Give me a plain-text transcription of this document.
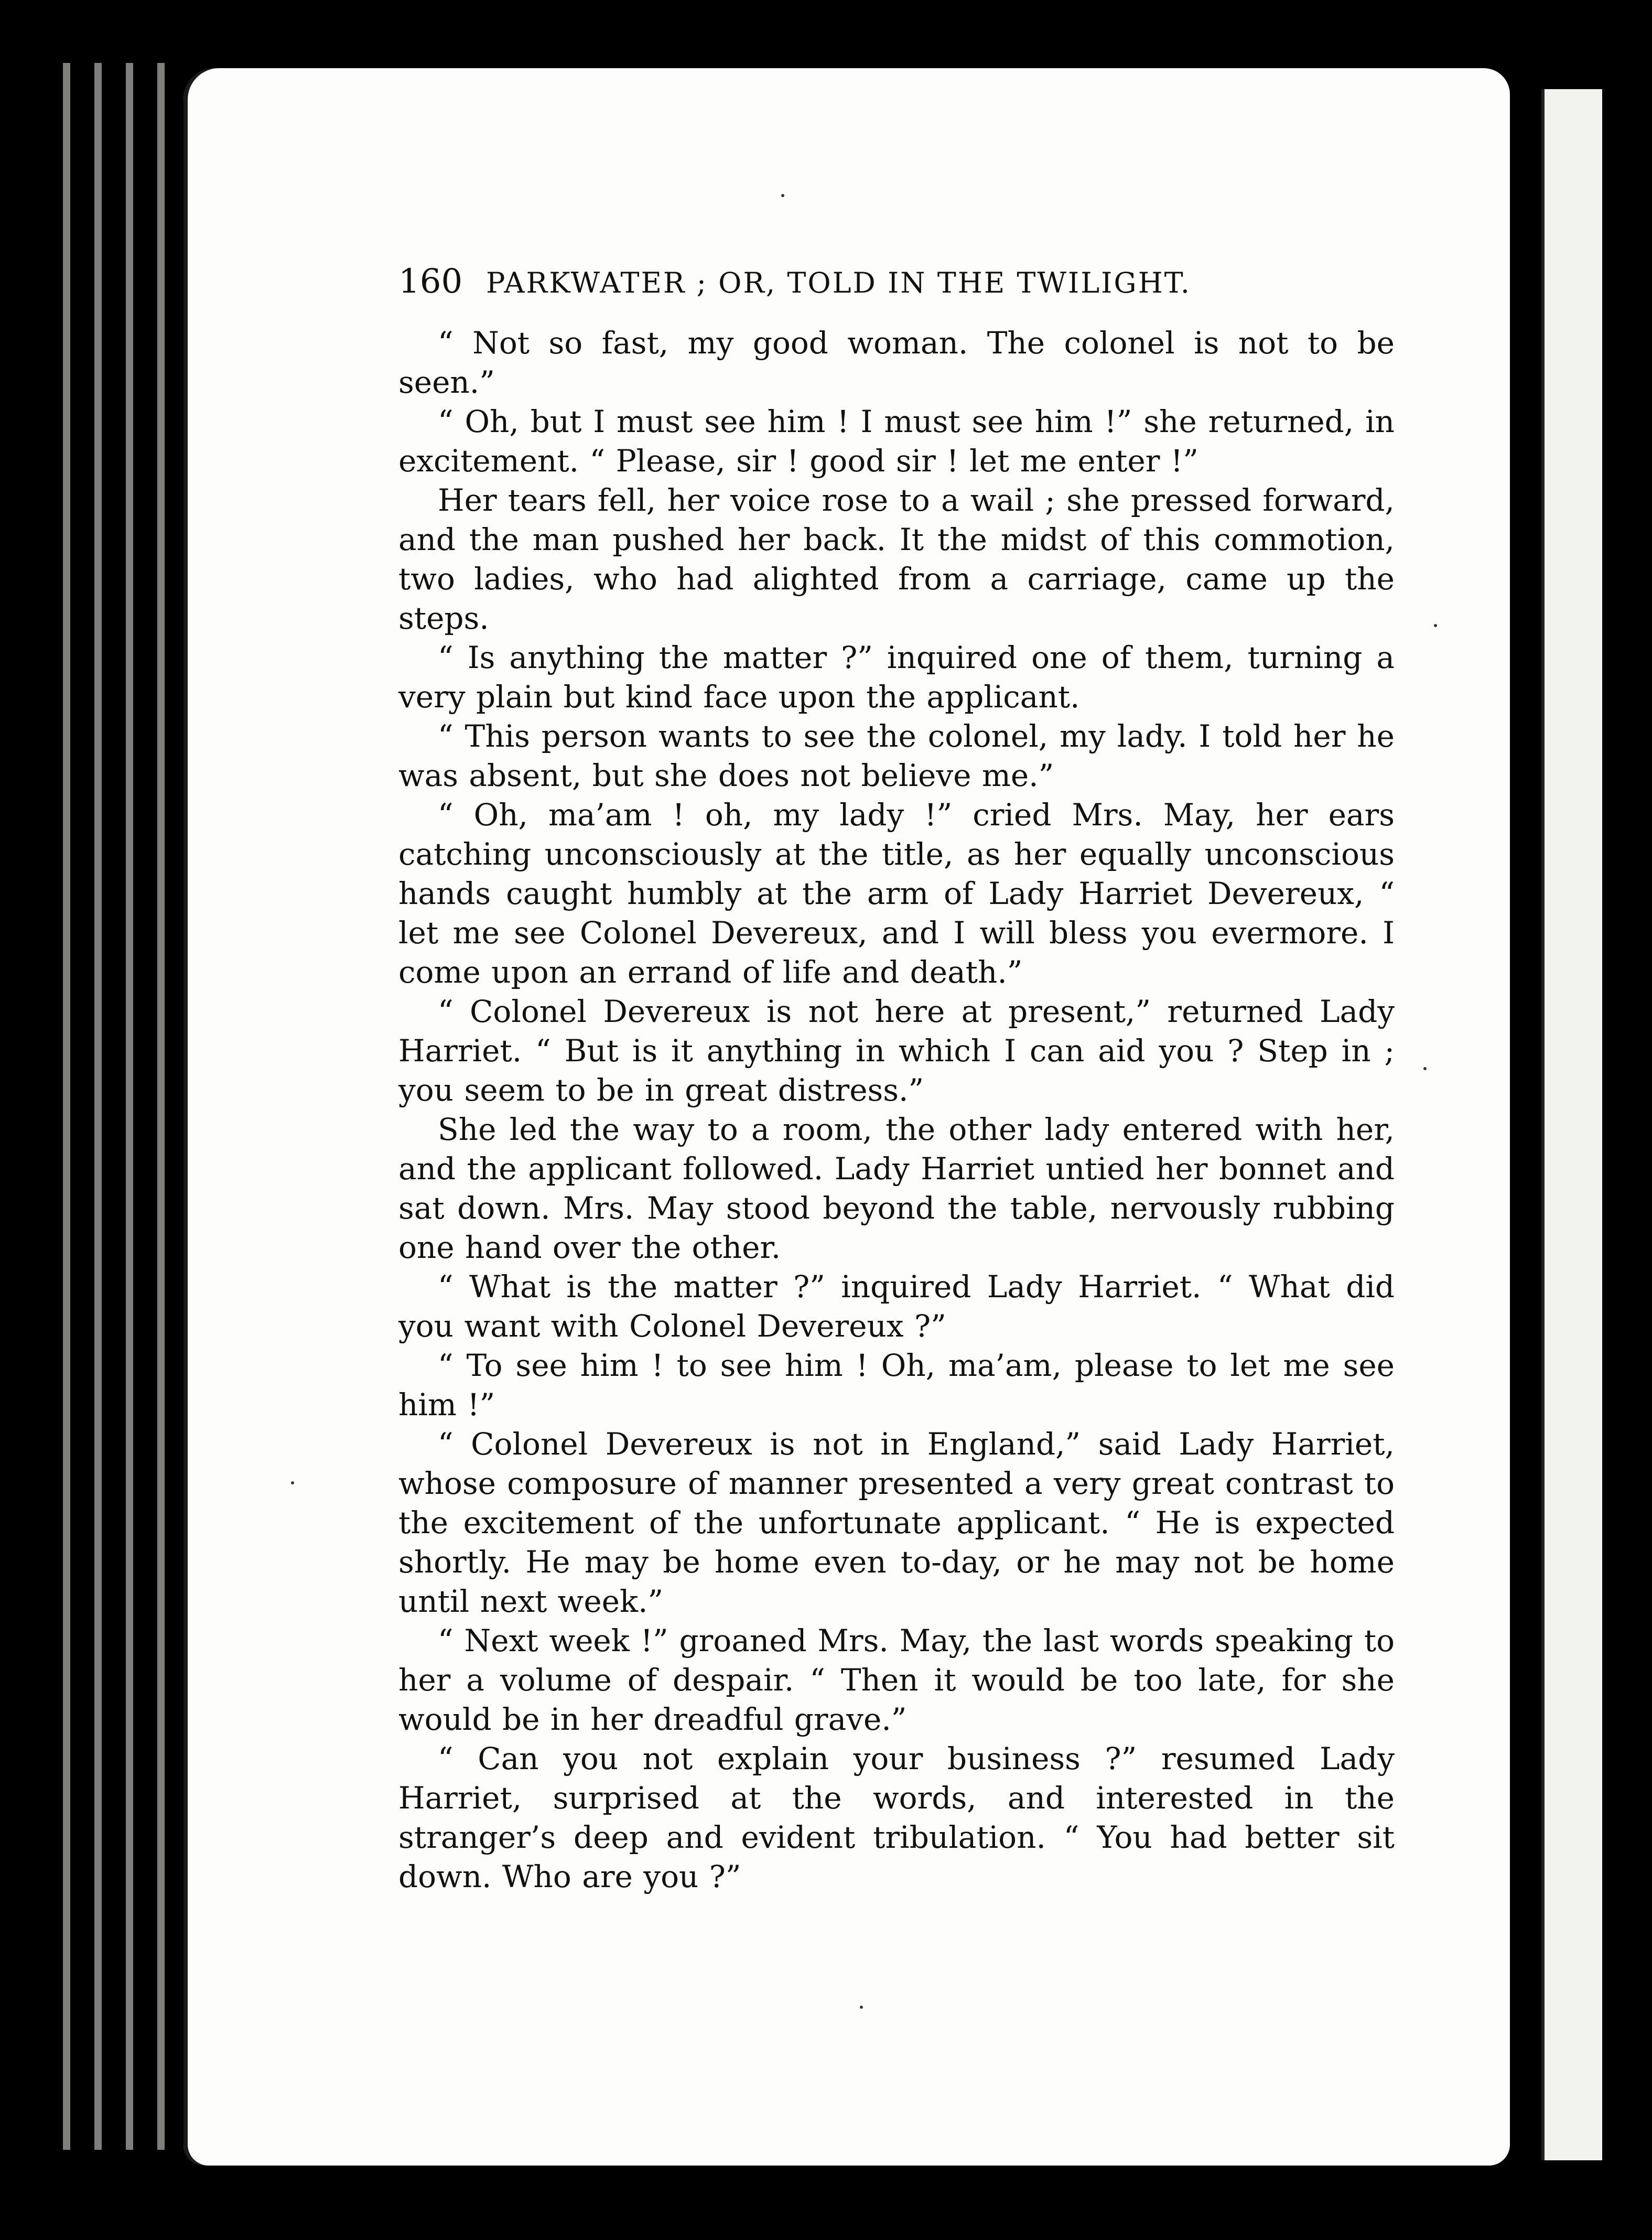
160 PARKWATER ; OR, TOLD IN THE TWILIGHT.

“ Not so fast, my good woman. The colonel is not to be seen.”

“ Oh, but I must see him ! I must see him !” she returned, in excitement. “ Please, sir ! good sir ! let me enter !”

Her tears fell, her voice rose to a wail ; she pressed forward, and the man pushed her back. It the midst of this commotion, two ladies, who had alighted from a carriage, came up the steps.

“ Is anything the matter ?” inquired one of them, turning a very plain but kind face upon the applicant.

“ This person wants to see the colonel, my lady. I told her he was absent, but she does not believe me.”

“ Oh, ma’am ! oh, my lady !” cried Mrs. May, her ears catching unconsciously at the title, as her equally unconscious hands caught humbly at the arm of Lady Harriet Devereux, “ let me see Colonel Devereux, and I will bless you evermore. I come upon an errand of life and death.”

“ Colonel Devereux is not here at present,” returned Lady Harriet. “ But is it anything in which I can aid you ? Step in ; you seem to be in great distress.”

She led the way to a room, the other lady entered with her, and the applicant followed. Lady Harriet untied her bonnet and sat down. Mrs. May stood beyond the table, nervously rubbing one hand over the other.

“ What is the matter ?” inquired Lady Harriet. “ What did you want with Colonel Devereux ?”

“ To see him ! to see him ! Oh, ma’am, please to let me see him !”

“ Colonel Devereux is not in England,” said Lady Harriet, whose composure of manner presented a very great contrast to the excitement of the unfortunate applicant. “ He is expected shortly. He may be home even to-day, or he may not be home until next week.”

“ Next week !” groaned Mrs. May, the last words speaking to her a volume of despair. “ Then it would be too late, for she would be in her dreadful grave.”

“ Can you not explain your business ?” resumed Lady Harriet, surprised at the words, and interested in the stranger’s deep and evident tribulation. “ You had better sit down. Who are you ?”
